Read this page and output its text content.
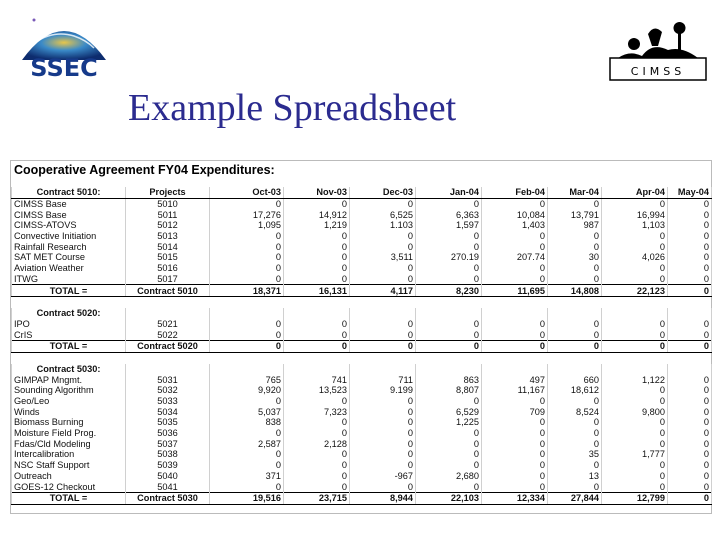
SSEC	CIMSS
Example Spreadsheet
Cooperative Agreement FY04 Expenditures:
Contract 5010:	Projects	Oct-03	Nov-03	Dec-03	Jan-04	Feb-04	Mar-04	Apr-04	May-04
CIMSS Base	5010	0	0	0	0	0	0	0	0
CIMSS Base	5011	17,276	14,912	6,525	6,363	10,084	13,791	16,994	0
CIMSS-ATOVS	5012	1,095	1,219	1.103	1,597	1,403	987	1,103	0
Convective Initiation	5013	0	0	0	0	0	0	0	0
Rainfall Research	5014	0	0	0	0	0	0	0	0
SAT MET Course	5015	0	0	3,511	270.19	207.74	30	4,026	0
Aviation Weather	5016	0	0	0	0	0	0	0	0
ITWG	5017	0	0	0	0	0	0	0	0
TOTAL =	Contract 5010	18,371	16,131	4,117	8,230	11,695	14,808	22,123	0

Contract 5020:									
IPO	5021	0	0	0	0	0	0	0	0
CrIS	5022	0	0	0	0	0	0	0	0
TOTAL =	Contract 5020	0	0	0	0	0	0	0	0

Contract 5030:									
GIMPAP Mngmt.	5031	765	741	711	863	497	660	1,122	0
Sounding Algorithm	5032	9,920	13,523	9.199	8,807	11,167	18,612	0	0
Geo/Leo	5033	0	0	0	0	0	0	0	0
Winds	5034	5,037	7,323	0	6,529	709	8,524	9,800	0
Biomass Burning	5035	838	0	0	1,225	0	0	0	0
Moisture Field Prog.	5036	0	0	0	0	0	0	0	0
Fdas/Cld Modeling	5037	2,587	2,128	0	0	0	0	0	0
Intercalibration	5038	0	0	0	0	0	35	1,777	0
NSC Staff Support	5039	0	0	0	0	0	0	0	0
Outreach	5040	371	0	-967	2,680	0	13	0	0
GOES-12 Checkout	5041	0	0	0	0	0	0	0	0
TOTAL =	Contract 5030	19,516	23,715	8,944	22,103	12,334	27,844	12,799	0
